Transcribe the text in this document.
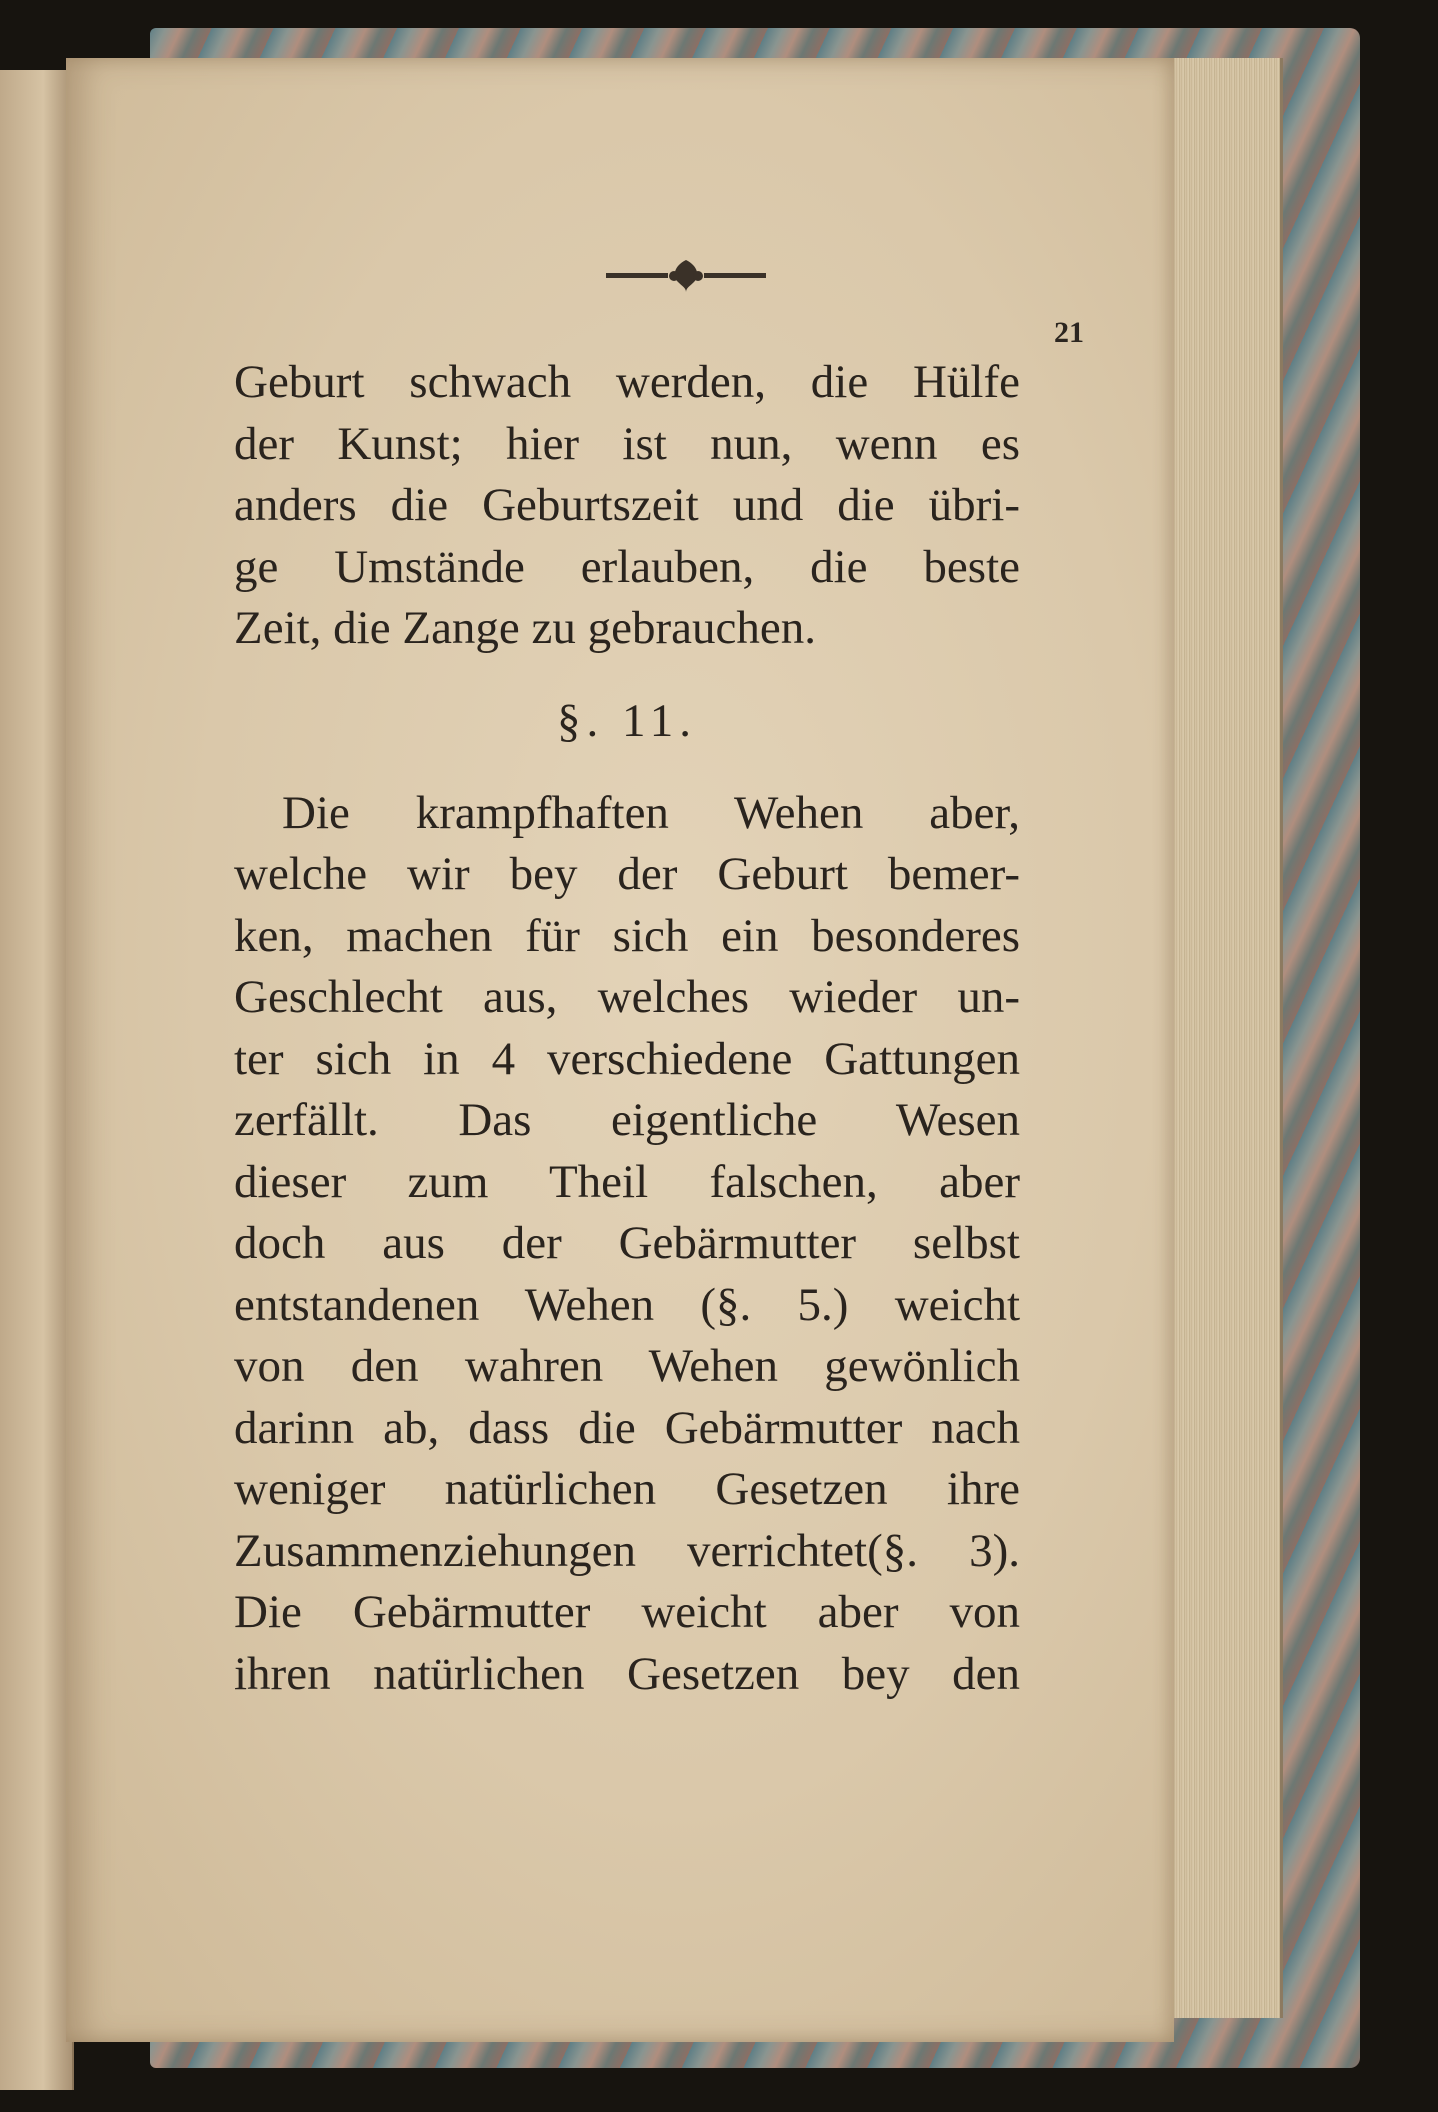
21
Geburt schwach werden, die Hülfe
der Kunst; hier ist nun, wenn es
anders die Geburtszeit und die übri-
ge Umstände erlauben, die beste
Zeit, die Zange zu gebrauchen.
§. 11.
Die krampfhaften Wehen aber,
welche wir bey der Geburt bemer-
ken, machen für sich ein besonderes
Geschlecht aus, welches wieder un-
ter sich in 4 verschiedene Gattungen
zerfällt. Das eigentliche Wesen
dieser zum Theil falschen, aber
doch aus der Gebärmutter selbst
entstandenen Wehen (§. 5.) weicht
von den wahren Wehen gewönlich
darinn ab, dass die Gebärmutter nach
weniger natürlichen Gesetzen ihre
Zusammenziehungen verrichtet(§. 3).
Die Gebärmutter weicht aber von
ihren natürlichen Gesetzen bey den
